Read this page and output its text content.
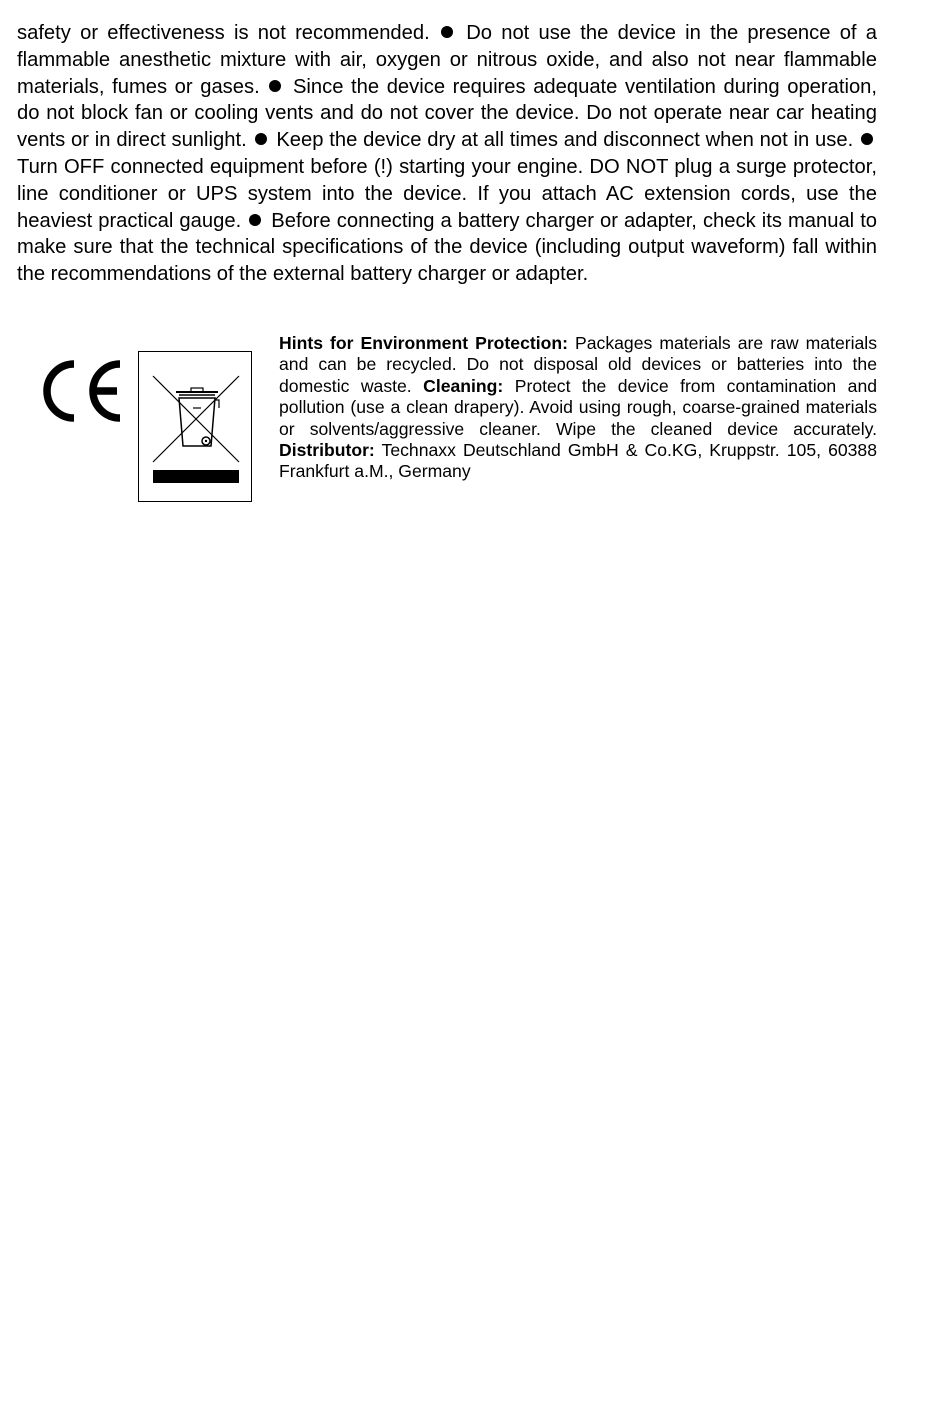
safety or effectiveness is not recommended. Do not use the device in the presence of a flammable anesthetic mixture with air, oxygen or nitrous oxide, and also not near flammable materials, fumes or gases. Since the device requires adequate ventilation during operation, do not block fan or cooling vents and do not cover the device. Do not operate near car heating vents or in direct sunlight. Keep the device dry at all times and disconnect when not in use.  Turn OFF connected equipment before (!) starting your engine. DO NOT plug a surge protector, line conditioner or UPS system into the device. If you attach AC extension cords, use the heaviest practical gauge. Before connecting a battery charger or adapter, check its manual to make sure that the technical specifications of the device (including output waveform) fall within the recommendations of the external battery charger or adapter.

Hints for Environment Protection: Packages materials are raw materials and can be recycled. Do not disposal old devices or batteries into the domestic waste. Cleaning: Protect the device from contamination and pollution (use a clean drapery). Avoid using rough, coarse-grained materials or solvents/aggressive cleaner. Wipe the cleaned device accurately. Distributor: Technaxx Deutschland GmbH & Co.KG, Kruppstr. 105, 60388 Frankfurt a.M., Germany
